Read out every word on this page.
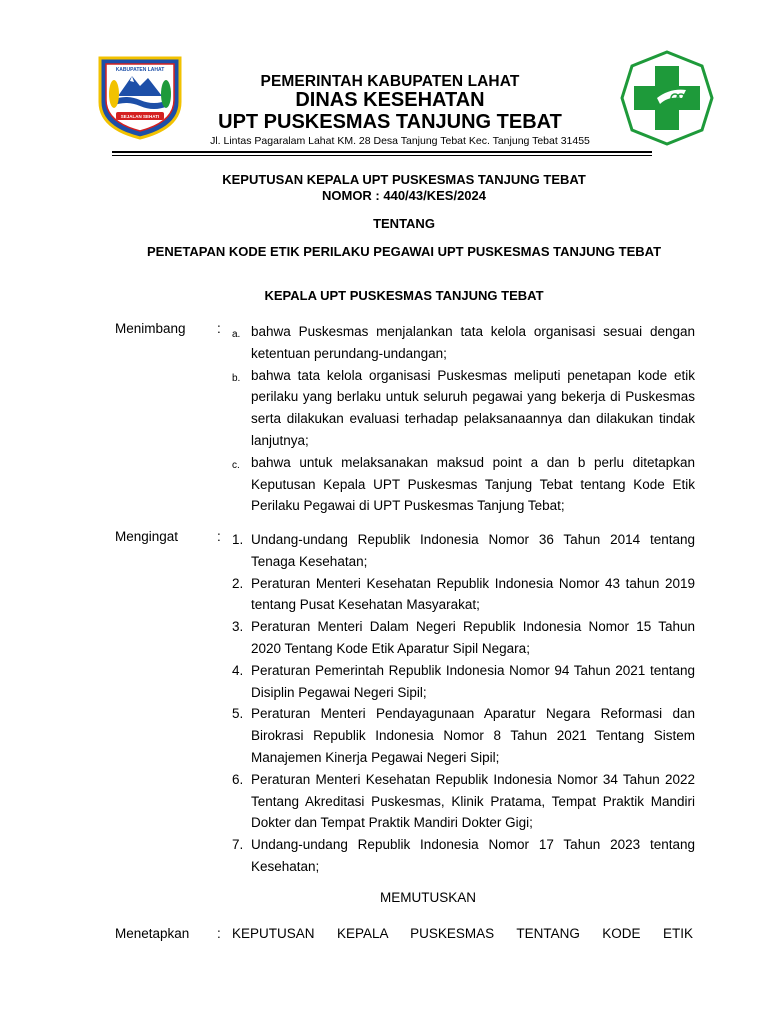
KABUPATEN LAHAT
SEJALAN SEHATI
PEMERINTAH KABUPATEN LAHAT
DINAS KESEHATAN
UPT PUSKESMAS TANJUNG TEBAT
Jl. Lintas Pagaralam Lahat KM. 28 Desa Tanjung Tebat Kec. Tanjung Tebat 31455
KEPUTUSAN KEPALA UPT PUSKESMAS TANJUNG TEBAT
NOMOR : 440/43/KES/2024
TENTANG
PENETAPAN KODE ETIK PERILAKU PEGAWAI UPT PUSKESMAS TANJUNG TEBAT
KEPALA UPT PUSKESMAS TANJUNG TEBAT
Menimbang : a. bahwa Puskesmas menjalankan tata kelola organisasi sesuai dengan ketentuan perundang-undangan;
b. bahwa tata kelola organisasi Puskesmas meliputi penetapan kode etik perilaku yang berlaku untuk seluruh pegawai yang bekerja di Puskesmas serta dilakukan evaluasi terhadap pelaksanaannya dan dilakukan tindak lanjutnya;
c. bahwa untuk melaksanakan maksud point a dan b perlu ditetapkan Keputusan Kepala UPT Puskesmas Tanjung Tebat tentang Kode Etik Perilaku Pegawai di UPT Puskesmas Tanjung Tebat;
Mengingat	: 1. Undang-undang Republik Indonesia Nomor 36 Tahun 2014 tentang Tenaga Kesehatan;
2. Peraturan Menteri Kesehatan Republik Indonesia Nomor 43 tahun 2019 tentang Pusat Kesehatan Masyarakat;
3. Peraturan Menteri Dalam Negeri Republik Indonesia Nomor 15 Tahun 2020 Tentang Kode Etik Aparatur Sipil Negara;
4. Peraturan Pemerintah Republik Indonesia Nomor 94 Tahun 2021 tentang Disiplin Pegawai Negeri Sipil;
5. Peraturan Menteri Pendayagunaan Aparatur Negara Reformasi dan Birokrasi Republik Indonesia Nomor 8 Tahun 2021 Tentang Sistem Manajemen Kinerja Pegawai Negeri Sipil;
6. Peraturan Menteri Kesehatan Republik Indonesia Nomor 34 Tahun 2022 Tentang Akreditasi Puskesmas, Klinik Pratama, Tempat Praktik Mandiri Dokter dan Tempat Praktik Mandiri Dokter Gigi;
7. Undang-undang Republik Indonesia Nomor 17 Tahun 2023 tentang Kesehatan;
MEMUTUSKAN
Menetapkan : KEPUTUSAN KEPALA PUSKESMAS TENTANG KODE ETIK
